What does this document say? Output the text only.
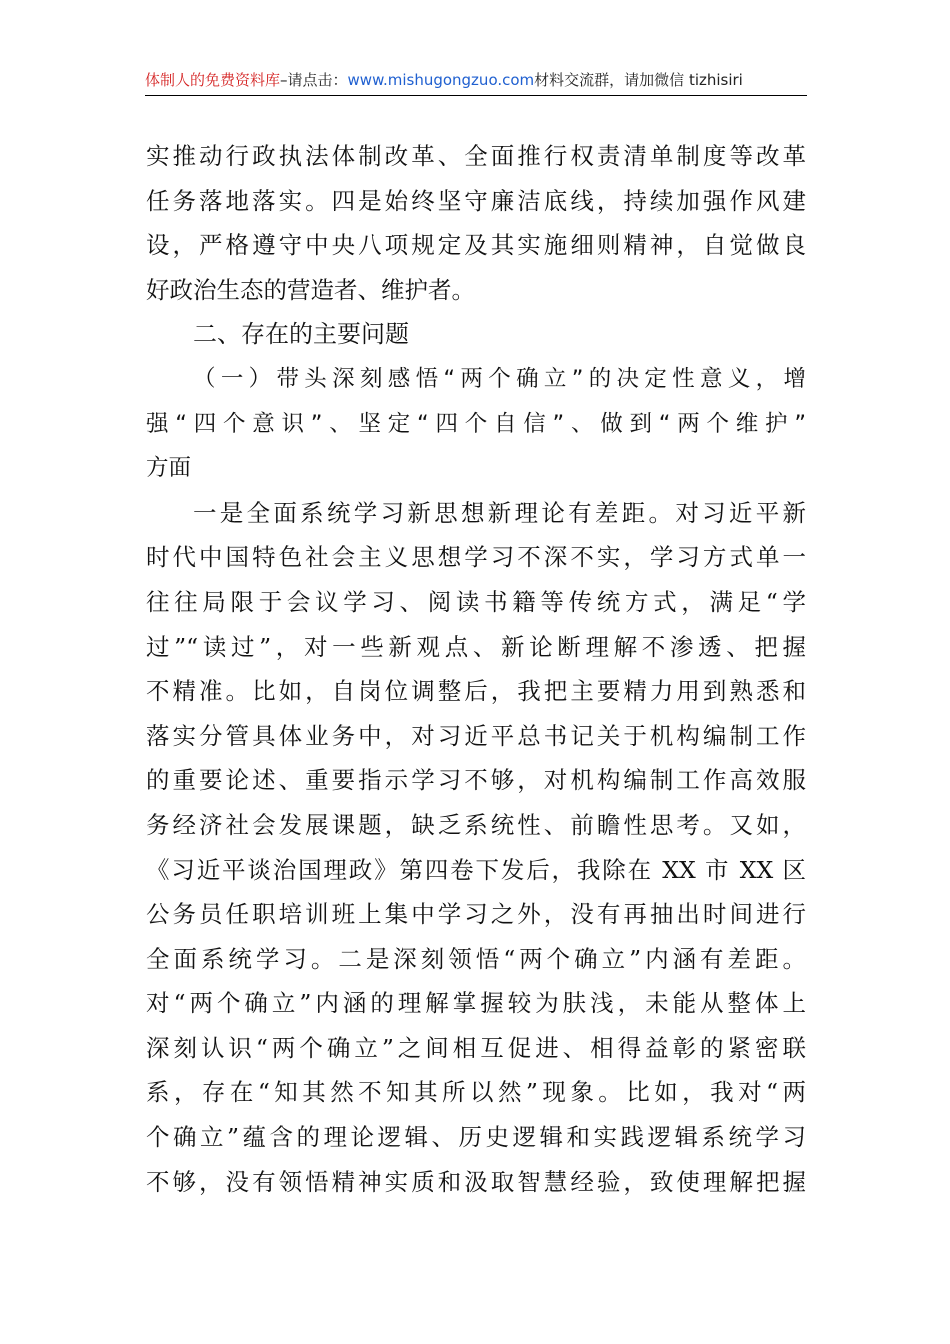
体制人的免费资料库–请点击：www.mishugongzuo.com材料交流群，请加微信 tizhisiri
实推动行政执法体制改革、全面推行权责清单制度等改革
任务落地落实。四是始终坚守廉洁底线，持续加强作风建
设，严格遵守中央八项规定及其实施细则精神，自觉做良
好政治生态的营造者、维护者。
二、存在的主要问题
（一）带头深刻感悟“两个确立”的决定性意义，增
强“四个意识”、坚定“四个自信”、做到“两个维护”
方面
一是全面系统学习新思想新理论有差距。对习近平新
时代中国特色社会主义思想学习不深不实，学习方式单一
往往局限于会议学习、阅读书籍等传统方式，满足“学
过”“读过”，对一些新观点、新论断理解不渗透、把握
不精准。比如，自岗位调整后，我把主要精力用到熟悉和
落实分管具体业务中，对习近平总书记关于机构编制工作
的重要论述、重要指示学习不够，对机构编制工作高效服
务经济社会发展课题，缺乏系统性、前瞻性思考。又如，
《习近平谈治国理政》第四卷下发后，我除在 XX 市 XX 区
公务员任职培训班上集中学习之外，没有再抽出时间进行
全面系统学习。二是深刻领悟“两个确立”内涵有差距。
对“两个确立”内涵的理解掌握较为肤浅，未能从整体上
深刻认识“两个确立”之间相互促进、相得益彰的紧密联
系，存在“知其然不知其所以然”现象。比如，我对“两
个确立”蕴含的理论逻辑、历史逻辑和实践逻辑系统学习
不够，没有领悟精神实质和汲取智慧经验，致使理解把握
